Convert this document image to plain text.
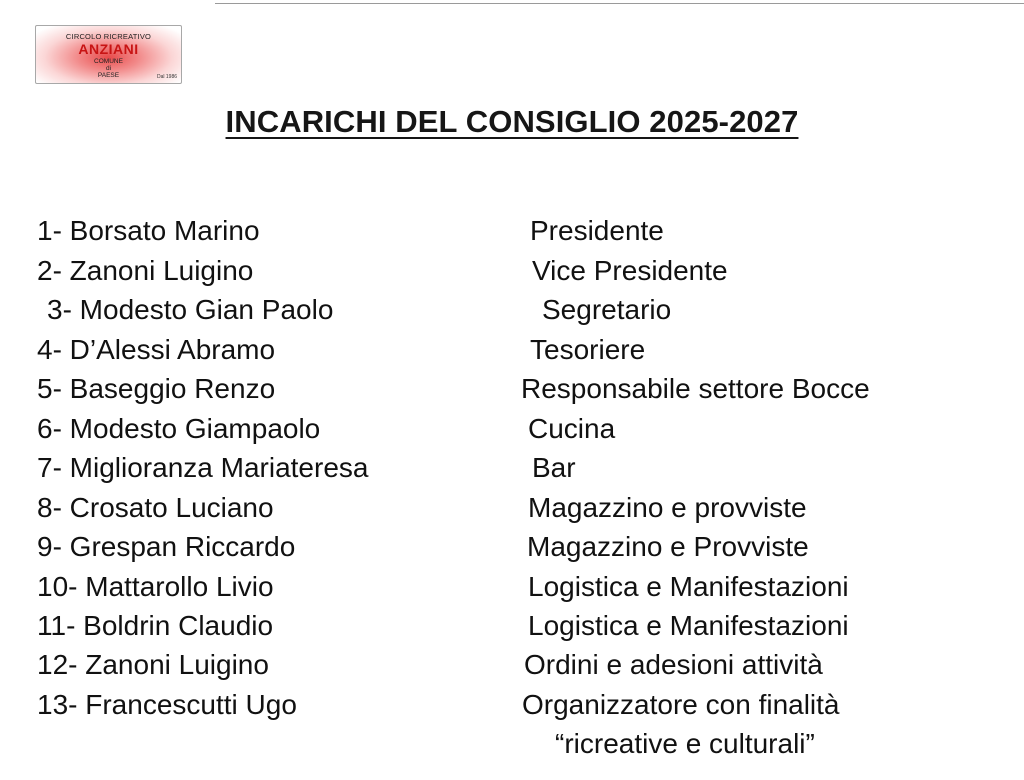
CIRCOLO RICREATIVO
ANZIANI
COMUNE
di
PAESE	Dal 1986
INCARICHI DEL CONSIGLIO 2025-2027
1- Borsato Marino	Presidente
2- Zanoni Luigino	Vice Presidente
3- Modesto Gian Paolo	Segretario
4- D’Alessi Abramo	Tesoriere
5- Baseggio Renzo	Responsabile settore Bocce
6- Modesto Giampaolo	Cucina
7- Miglioranza Mariateresa	Bar
8- Crosato Luciano	Magazzino e provviste
9- Grespan Riccardo	Magazzino e Provviste
10- Mattarollo Livio	Logistica e Manifestazioni
11- Boldrin Claudio	Logistica e Manifestazioni
12- Zanoni Luigino	Ordini e adesioni attività
13- Francescutti Ugo	Organizzatore con finalità
“ricreative e culturali”
